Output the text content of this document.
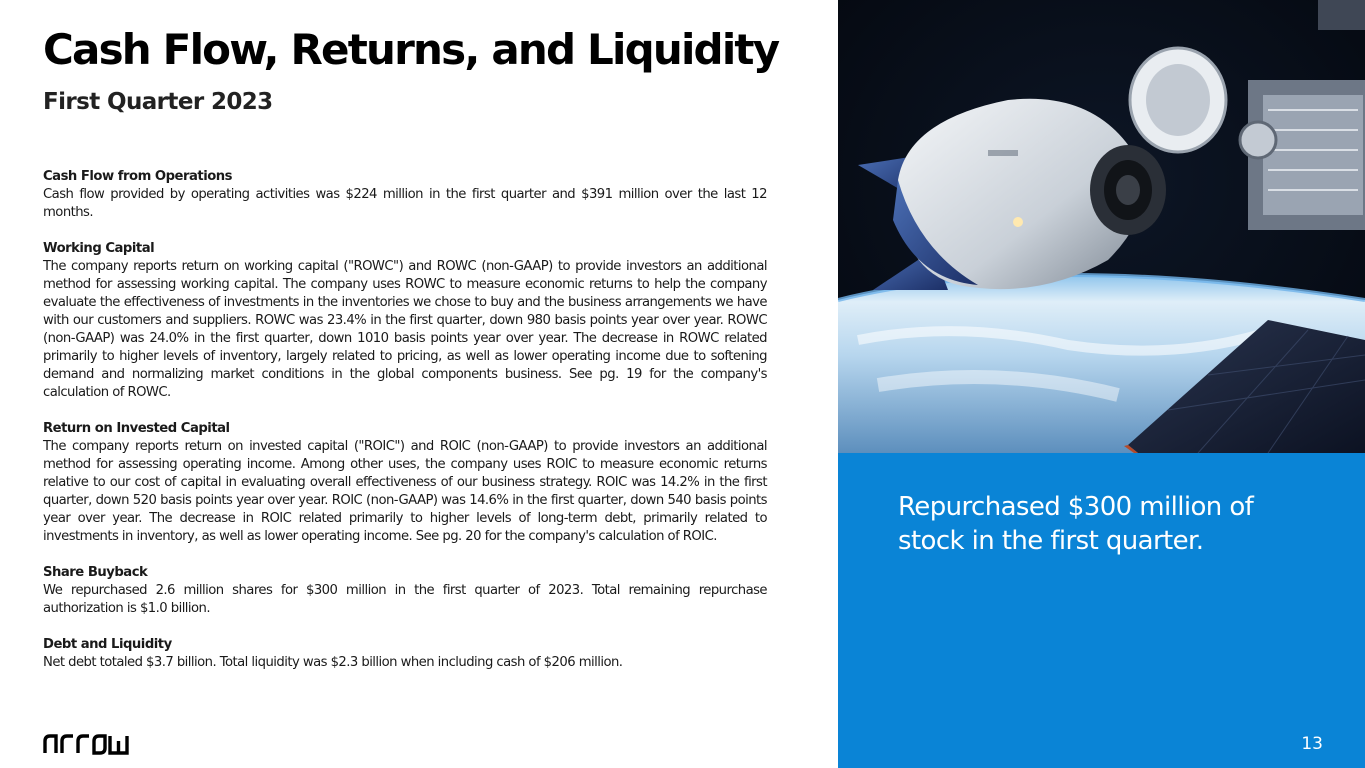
Cash Flow, Returns, and Liquidity
First Quarter 2023

Cash Flow from Operations

Cash flow provided by operating activities was $224 million in the first quarter and $391 million over the last 12 months.

Working Capital

The company reports return on working capital ("ROWC") and ROWC (non-GAAP) to provide investors an additional method for assessing working capital. The company uses ROWC to measure economic returns to help the company evaluate the effectiveness of investments in the inventories we chose to buy and the business arrangements we have with our customers and suppliers. ROWC was 23.4% in the first quarter, down 980 basis points year over year. ROWC (non-GAAP) was 24.0% in the first quarter, down 1010 basis points year over year. The decrease in ROWC related primarily to higher levels of inventory, largely related to pricing, as well as lower operating income due to softening demand and normalizing market conditions in the global components business. See pg. 19 for the company's calculation of ROWC.

Return on Invested Capital

The company reports return on invested capital ("ROIC") and ROIC (non-GAAP) to provide investors an additional method for assessing operating income. Among other uses, the company uses ROIC to measure economic returns relative to our cost of capital in evaluating overall effectiveness of our business strategy. ROIC was 14.2% in the first quarter, down 520 basis points year over year. ROIC (non-GAAP) was 14.6% in the first quarter, down 540 basis points year over year. The decrease in ROIC related primarily to higher levels of long-term debt, primarily related to investments in inventory, as well as lower operating income. See pg. 20 for the company's calculation of ROIC.

Share Buyback

We repurchased 2.6 million shares for $300 million in the first quarter of 2023. Total remaining repurchase authorization is $1.0 billion.

Debt and Liquidity

Net debt totaled $3.7 billion. Total liquidity was $2.3 billion when including cash of $206 million.

Repurchased $300 million of stock in the first quarter.

13
